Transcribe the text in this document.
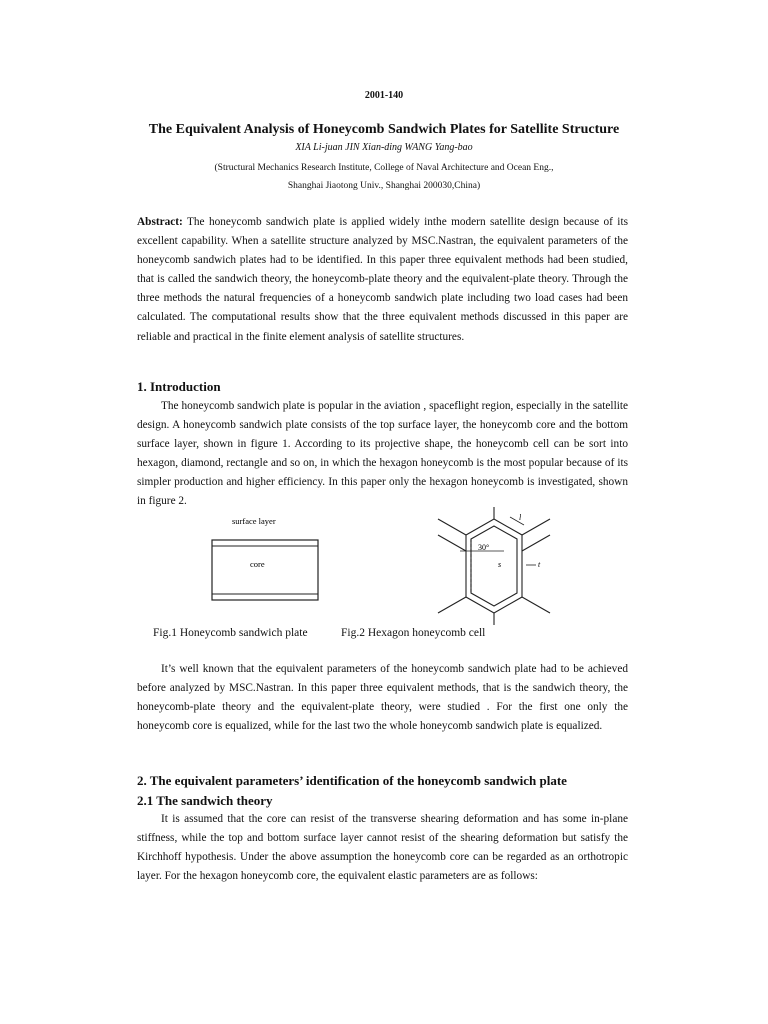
2001-140
The Equivalent Analysis of Honeycomb Sandwich Plates for Satellite Structure
XIA Li-juan JIN Xian-ding WANG Yang-bao
(Structural Mechanics Research Institute, College of Naval Architecture and Ocean Eng.,
Shanghai Jiaotong Univ., Shanghai 200030,China)
Abstract: The honeycomb sandwich plate is applied widely inthe modern satellite design because of its excellent capability. When a satellite structure analyzed by MSC.Nastran, the equivalent parameters of the honeycomb sandwich plates had to be identified. In this paper three equivalent methods had been studied, that is called the sandwich theory, the honeycomb-plate theory and the equivalent-plate theory. Through the three methods the natural frequencies of a honeycomb sandwich plate including two load cases had been calculated. The computational results show that the three equivalent methods discussed in this paper are reliable and practical in the finite element analysis of satellite structures.
1. Introduction
The honeycomb sandwich plate is popular in the aviation , spaceflight region, especially in the satellite design. A honeycomb sandwich plate consists of the top surface layer, the honeycomb core and the bottom surface layer, shown in figure 1. According to its projective shape, the honeycomb cell can be sort into hexagon, diamond, rectangle and so on, in which the hexagon honeycomb is the most popular because of its simpler production and higher efficiency. In this paper only the hexagon honeycomb is investigated, shown in figure 2.
surface layer
core
30°
l
s	t
Fig.1 Honeycomb sandwich plate	Fig.2 Hexagon honeycomb cell
It’s well known that the equivalent parameters of the honeycomb sandwich plate had to be achieved before analyzed by MSC.Nastran. In this paper three equivalent methods, that is the sandwich theory, the honeycomb-plate theory and the equivalent-plate theory, were studied . For the first one only the honeycomb core is equalized, while for the last two the whole honeycomb sandwich plate is equalized.
2. The equivalent parameters’ identification of the honeycomb sandwich plate
2.1 The sandwich theory
It is assumed that the core can resist of the transverse shearing deformation and has some in-plane stiffness, while the top and bottom surface layer cannot resist of the shearing deformation but satisfy the Kirchhoff hypothesis. Under the above assumption the honeycomb core can be regarded as an orthotropic layer. For the hexagon honeycomb core, the equivalent elastic parameters are as follows:
